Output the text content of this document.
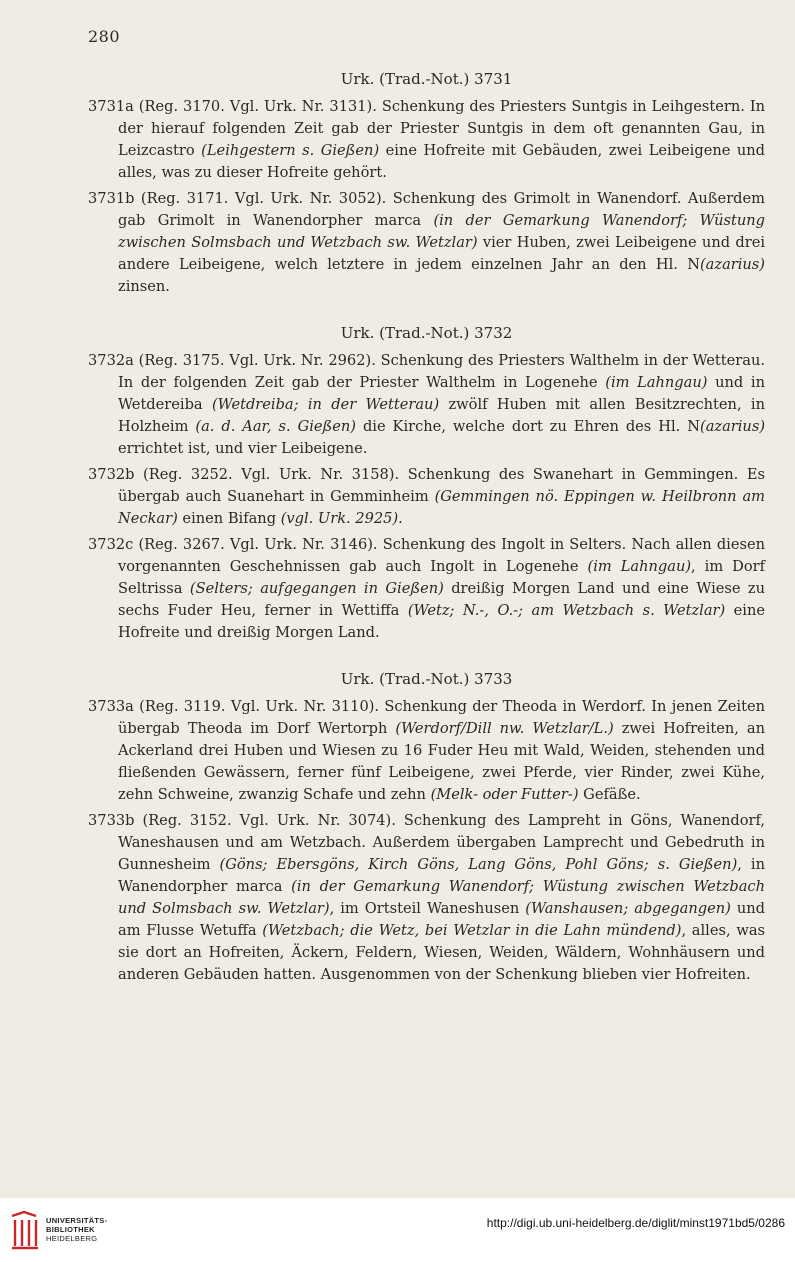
280
Urk. (Trad.-Not.) 3731

3731a (Reg. 3170. Vgl. Urk. Nr. 3131). Schenkung des Priesters Suntgis in Leihgestern. In der hierauf folgenden Zeit gab der Priester Suntgis in dem oft genannten Gau, in Leizcastro (Leihgestern s. Gießen) eine Hofreite mit Gebäuden, zwei Leibeigene und alles, was zu dieser Hofreite gehört.

3731b (Reg. 3171. Vgl. Urk. Nr. 3052). Schenkung des Grimolt in Wanendorf. Außerdem gab Grimolt in Wanendorpher marca (in der Gemarkung Wanendorf; Wüstung zwischen Solmsbach und Wetzbach sw. Wetzlar) vier Huben, zwei Leibeigene und drei andere Leibeigene, welch letztere in jedem einzelnen Jahr an den Hl. N(azarius) zinsen.

Urk. (Trad.-Not.) 3732

3732a (Reg. 3175. Vgl. Urk. Nr. 2962). Schenkung des Priesters Walthelm in der Wetterau. In der folgenden Zeit gab der Priester Walthelm in Logenehe (im Lahngau) und in Wetdereiba (Wetdreiba; in der Wetterau) zwölf Huben mit allen Besitzrechten, in Holzheim (a. d. Aar, s. Gießen) die Kirche, welche dort zu Ehren des Hl. N(azarius) errichtet ist, und vier Leibeigene.

3732b (Reg. 3252. Vgl. Urk. Nr. 3158). Schenkung des Swanehart in Gemmingen. Es übergab auch Suanehart in Gemminheim (Gemmingen nö. Eppingen w. Heilbronn am Neckar) einen Bifang (vgl. Urk. 2925).

3732c (Reg. 3267. Vgl. Urk. Nr. 3146). Schenkung des Ingolt in Selters. Nach allen diesen vorgenannten Geschehnissen gab auch Ingolt in Logenehe (im Lahngau), im Dorf Seltrissa (Selters; aufgegangen in Gießen) dreißig Morgen Land und eine Wiese zu sechs Fuder Heu, ferner in Wettiffa (Wetz; N.-, O.-; am Wetzbach s. Wetzlar) eine Hofreite und dreißig Morgen Land.

Urk. (Trad.-Not.) 3733

3733a (Reg. 3119. Vgl. Urk. Nr. 3110). Schenkung der Theoda in Werdorf. In jenen Zeiten übergab Theoda im Dorf Wertorph (Werdorf/Dill nw. Wetzlar/L.) zwei Hofreiten, an Ackerland drei Huben und Wiesen zu 16 Fuder Heu mit Wald, Weiden, stehenden und fließenden Gewässern, ferner fünf Leibeigene, zwei Pferde, vier Rinder, zwei Kühe, zehn Schweine, zwanzig Schafe und zehn (Melk- oder Futter-) Gefäße.

3733b (Reg. 3152. Vgl. Urk. Nr. 3074). Schenkung des Lampreht in Göns, Wanendorf, Waneshausen und am Wetzbach. Außerdem übergaben Lamprecht und Gebedruth in Gunnesheim (Göns; Ebersgöns, Kirch Göns, Lang Göns, Pohl Göns; s. Gießen), in Wanendorpher marca (in der Gemarkung Wanendorf; Wüstung zwischen Wetzbach und Solmsbach sw. Wetzlar), im Ortsteil Waneshusen (Wanshausen; abgegangen) und am Flusse Wetuffa (Wetzbach; die Wetz, bei Wetzlar in die Lahn mündend), alles, was sie dort an Hofreiten, Äckern, Feldern, Wiesen, Weiden, Wäldern, Wohnhäusern und anderen Gebäuden hatten. Ausgenommen von der Schenkung blieben vier Hofreiten.

UNIVERSITÄTS-
BIBLIOTHEK
HEIDELBERG
http://digi.ub.uni-heidelberg.de/diglit/minst1971bd5/0286
